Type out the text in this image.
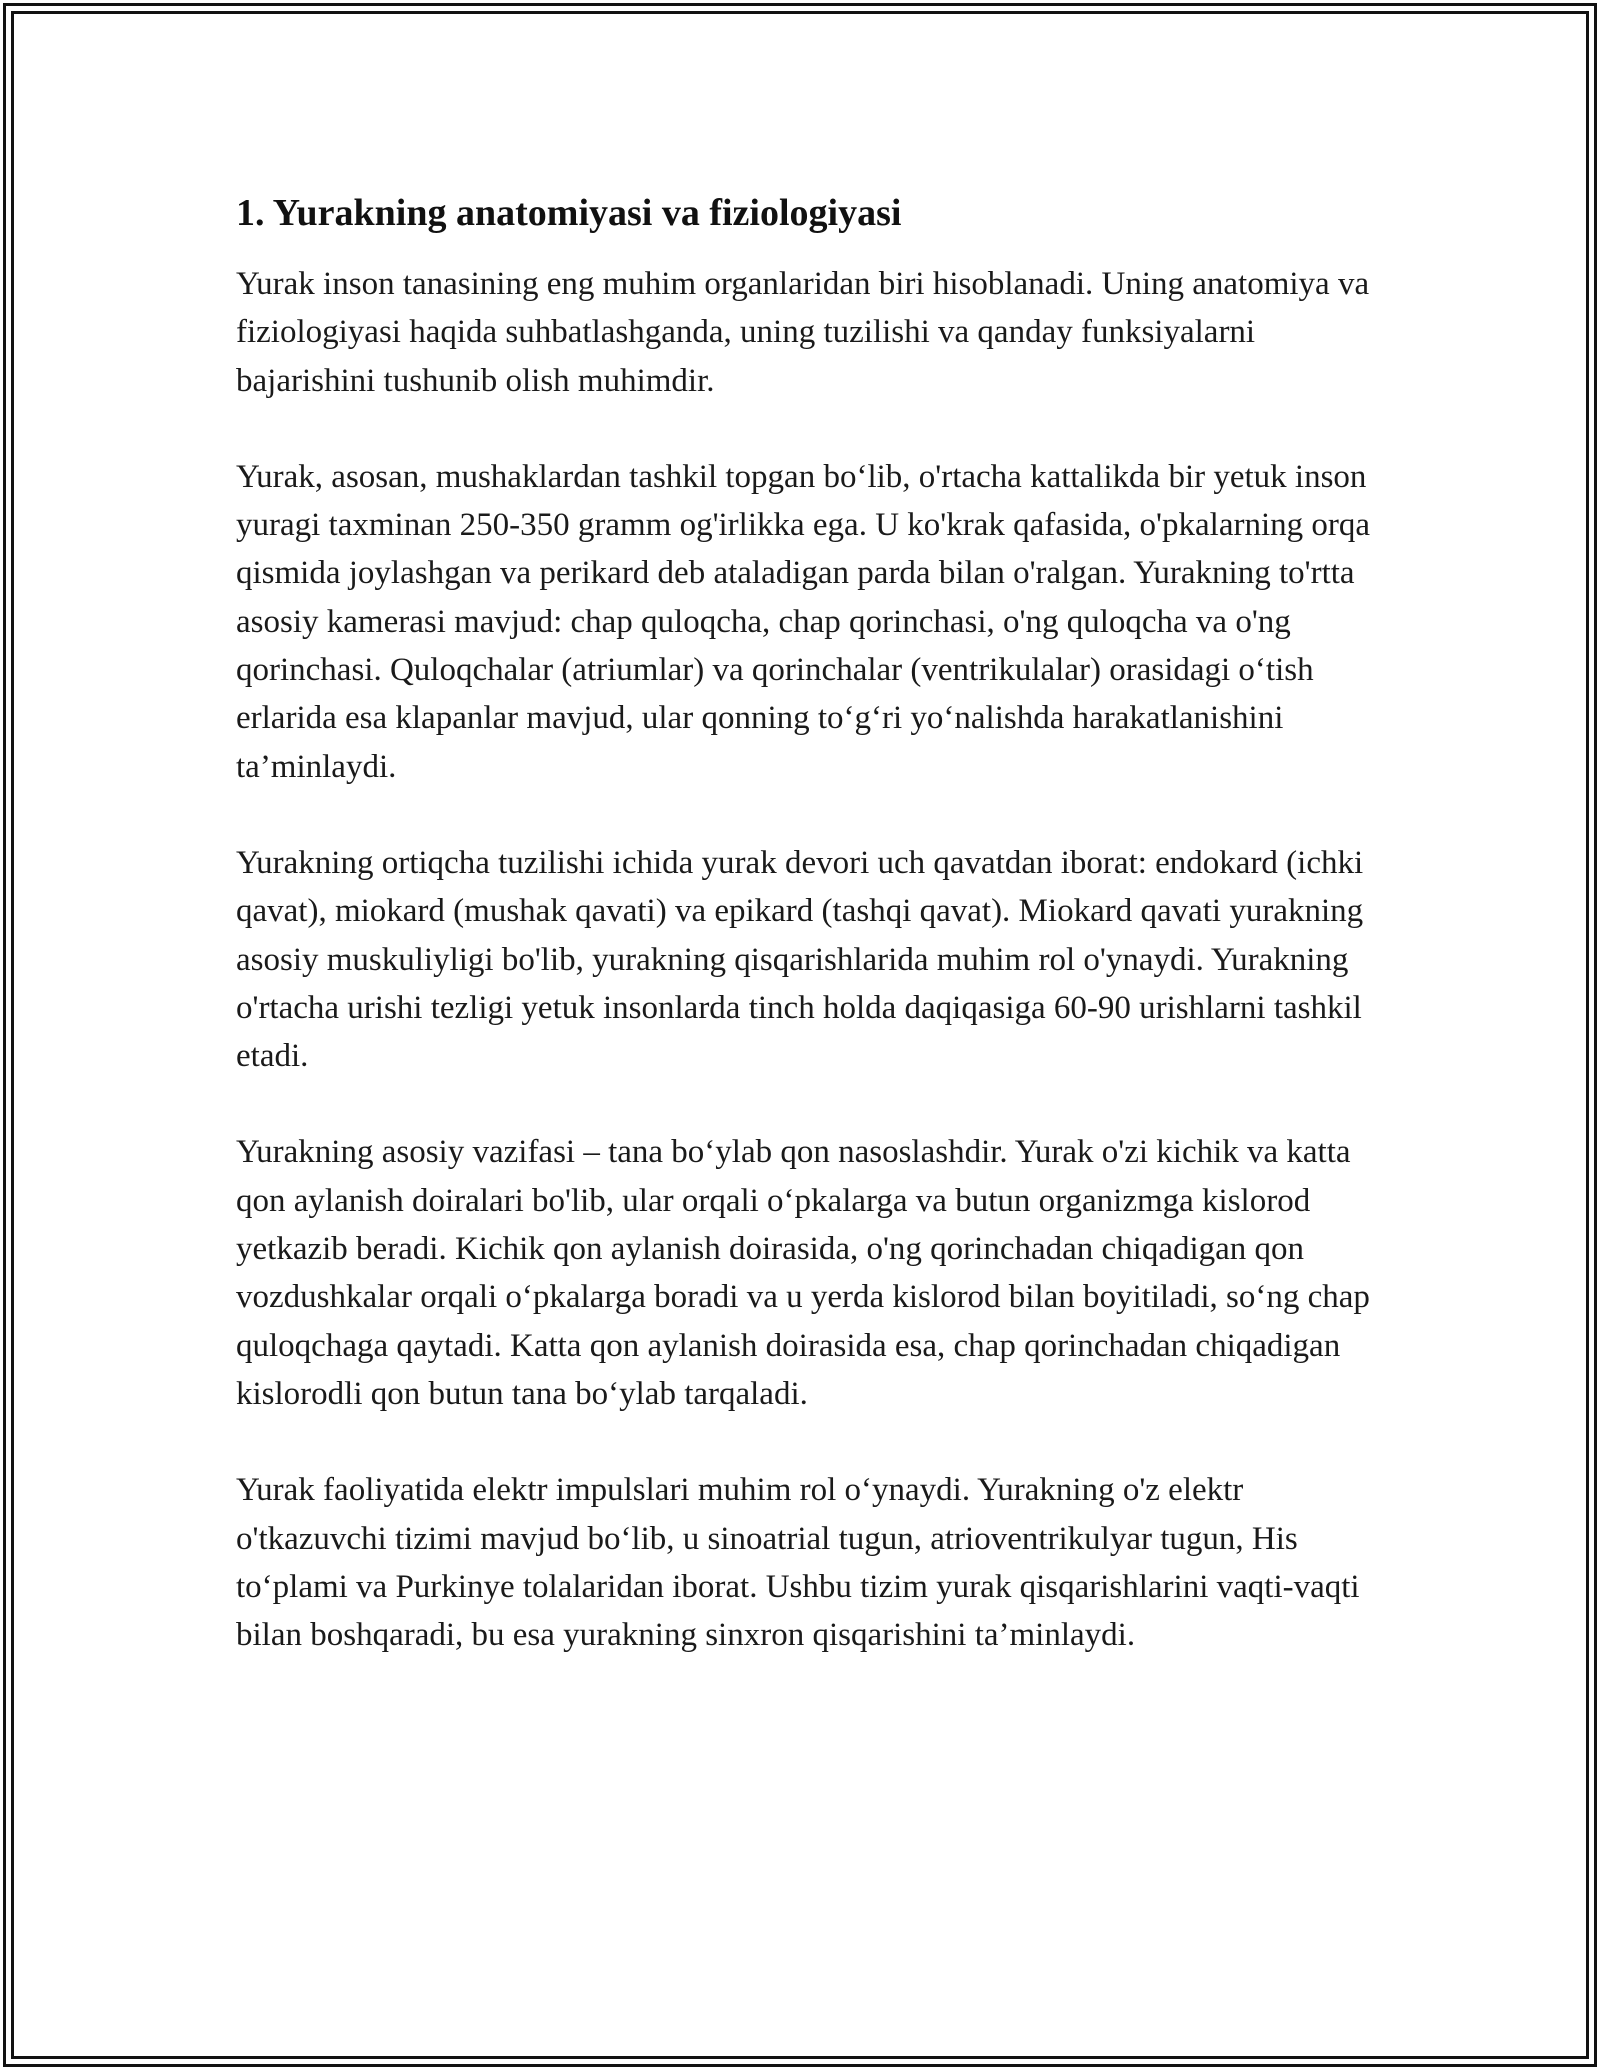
1. Yurakning anatomiyasi va fiziologiyasi

Yurak inson tanasining eng muhim organlaridan biri hisoblanadi. Uning anatomiya va fiziologiyasi haqida suhbatlashganda, uning tuzilishi va qanday funksiyalarni bajarishini tushunib olish muhimdir.

Yurak, asosan, mushaklardan tashkil topgan bo‘lib, o'rtacha kattalikda bir yetuk inson yuragi taxminan 250-350 gramm og'irlikka ega. U ko'krak qafasida, o'pkalarning orqa qismida joylashgan va perikard deb ataladigan parda bilan o'ralgan. Yurakning to'rtta asosiy kamerasi mavjud: chap quloqcha, chap qorinchasi, o'ng quloqcha va o'ng qorinchasi. Quloqchalar (atriumlar) va qorinchalar (ventrikulalar) orasidagi o‘tish erlarida esa klapanlar mavjud, ular qonning to‘g‘ri yo‘nalishda harakatlanishini ta’minlaydi.

Yurakning ortiqcha tuzilishi ichida yurak devori uch qavatdan iborat: endokard (ichki qavat), miokard (mushak qavati) va epikard (tashqi qavat). Miokard qavati yurakning asosiy muskuliyligi bo'lib, yurakning qisqarishlarida muhim rol o'ynaydi. Yurakning o'rtacha urishi tezligi yetuk insonlarda tinch holda daqiqasiga 60-90 urishlarni tashkil etadi.

Yurakning asosiy vazifasi – tana bo‘ylab qon nasoslashdir. Yurak o'zi kichik va katta qon aylanish doiralari bo'lib, ular orqali o‘pkalarga va butun organizmga kislorod yetkazib beradi. Kichik qon aylanish doirasida, o'ng qorinchadan chiqadigan qon vozdushkalar orqali o‘pkalarga boradi va u yerda kislorod bilan boyitiladi, so‘ng chap quloqchaga qaytadi. Katta qon aylanish doirasida esa, chap qorinchadan chiqadigan kislorodli qon butun tana bo‘ylab tarqaladi.

Yurak faoliyatida elektr impulslari muhim rol o‘ynaydi. Yurakning o'z elektr o'tkazuvchi tizimi mavjud bo‘lib, u sinoatrial tugun, atrioventrikulyar tugun, His to‘plami va Purkinye tolalaridan iborat. Ushbu tizim yurak qisqarishlarini vaqti-vaqti bilan boshqaradi, bu esa yurakning sinxron qisqarishini ta’minlaydi.
